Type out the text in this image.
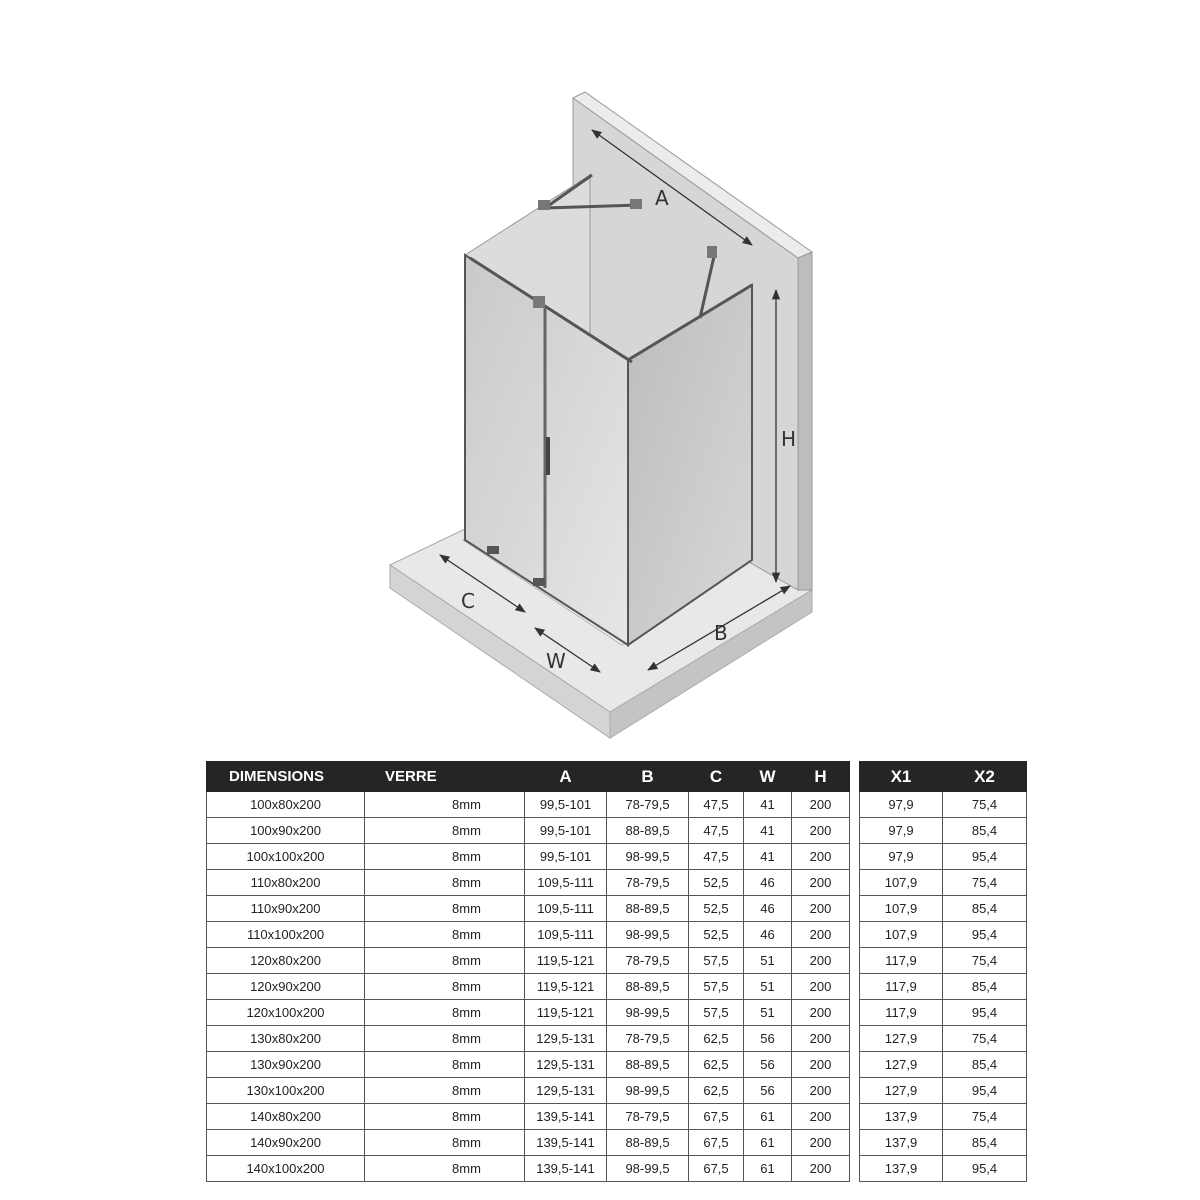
A
H
B
C
W
DIMENSIONS	VERRE	A	B	C	W	H
100x80x200	8mm	99,5-101	78-79,5	47,5	41	200
100x90x200	8mm	99,5-101	88-89,5	47,5	41	200
100x100x200	8mm	99,5-101	98-99,5	47,5	41	200
110x80x200	8mm	109,5-111	78-79,5	52,5	46	200
110x90x200	8mm	109,5-111	88-89,5	52,5	46	200
110x100x200	8mm	109,5-111	98-99,5	52,5	46	200
120x80x200	8mm	119,5-121	78-79,5	57,5	51	200
120x90x200	8mm	119,5-121	88-89,5	57,5	51	200
120x100x200	8mm	119,5-121	98-99,5	57,5	51	200
130x80x200	8mm	129,5-131	78-79,5	62,5	56	200
130x90x200	8mm	129,5-131	88-89,5	62,5	56	200
130x100x200	8mm	129,5-131	98-99,5	62,5	56	200
140x80x200	8mm	139,5-141	78-79,5	67,5	61	200
140x90x200	8mm	139,5-141	88-89,5	67,5	61	200
140x100x200	8mm	139,5-141	98-99,5	67,5	61	200
X1	X2
97,9	75,4
97,9	85,4
97,9	95,4
107,9	75,4
107,9	85,4
107,9	95,4
117,9	75,4
117,9	85,4
117,9	95,4
127,9	75,4
127,9	85,4
127,9	95,4
137,9	75,4
137,9	85,4
137,9	95,4
